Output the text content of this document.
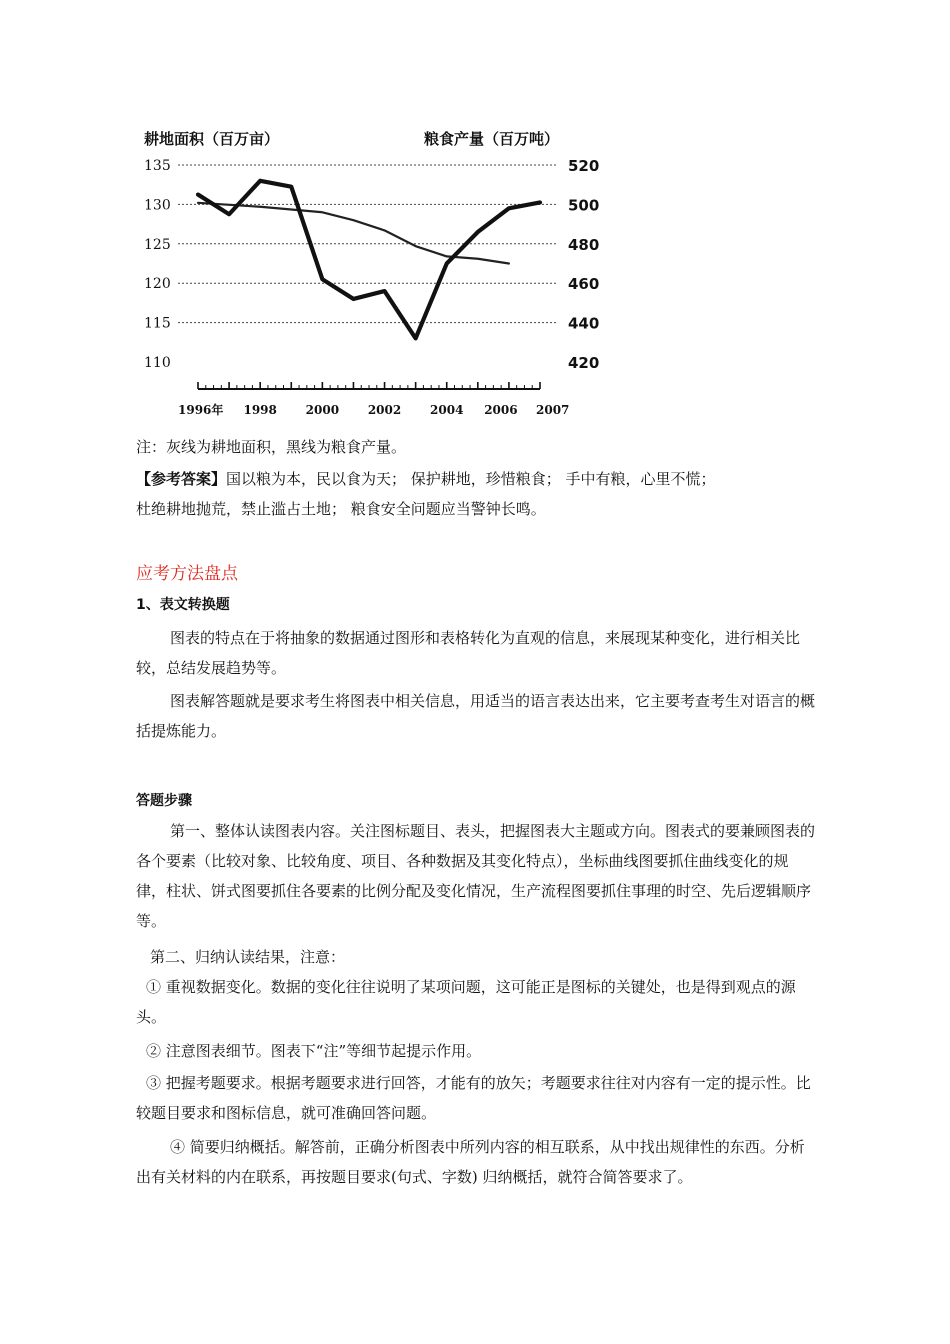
耕地面积（百万亩）	粮食产量（百万吨）
135
130
125
120
115
110
520
500
480
460
440
420
1996年 1998 2000 2002 2004 2006 2007

注：灰线为耕地面积，黑线为粮食产量。

【参考答案】国以粮为本，民以食为天； 保护耕地，珍惜粮食； 手中有粮，心里不慌；

杜绝耕地抛荒，禁止滥占土地； 粮食安全问题应当警钟长鸣。

应考方法盘点

1、表文转换题

图表的特点在于将抽象的数据通过图形和表格转化为直观的信息，来展现某种变化，进行相关比较，总结发展趋势等。

图表解答题就是要求考生将图表中相关信息，用适当的语言表达出来，它主要考查考生对语言的概括提炼能力。

答题步骤

第一、整体认读图表内容。关注图标题目、表头，把握图表大主题或方向。图表式的要兼顾图表的各个要素（比较对象、比较角度、项目、各种数据及其变化特点），坐标曲线图要抓住曲线变化的规律，柱状、饼式图要抓住各要素的比例分配及变化情况，生产流程图要抓住事理的时空、先后逻辑顺序等。

第二、归纳认读结果，注意：

① 重视数据变化。数据的变化往往说明了某项问题，这可能正是图标的关键处，也是得到观点的源头。

② 注意图表细节。图表下“注”等细节起提示作用。

③ 把握考题要求。根据考题要求进行回答，才能有的放矢；考题要求往往对内容有一定的提示性。比较题目要求和图标信息，就可准确回答问题。

④ 简要归纳概括。解答前，正确分析图表中所列内容的相互联系，从中找出规律性的东西。分析出有关材料的内在联系，再按题目要求(句式、字数) 归纳概括，就符合简答要求了。
